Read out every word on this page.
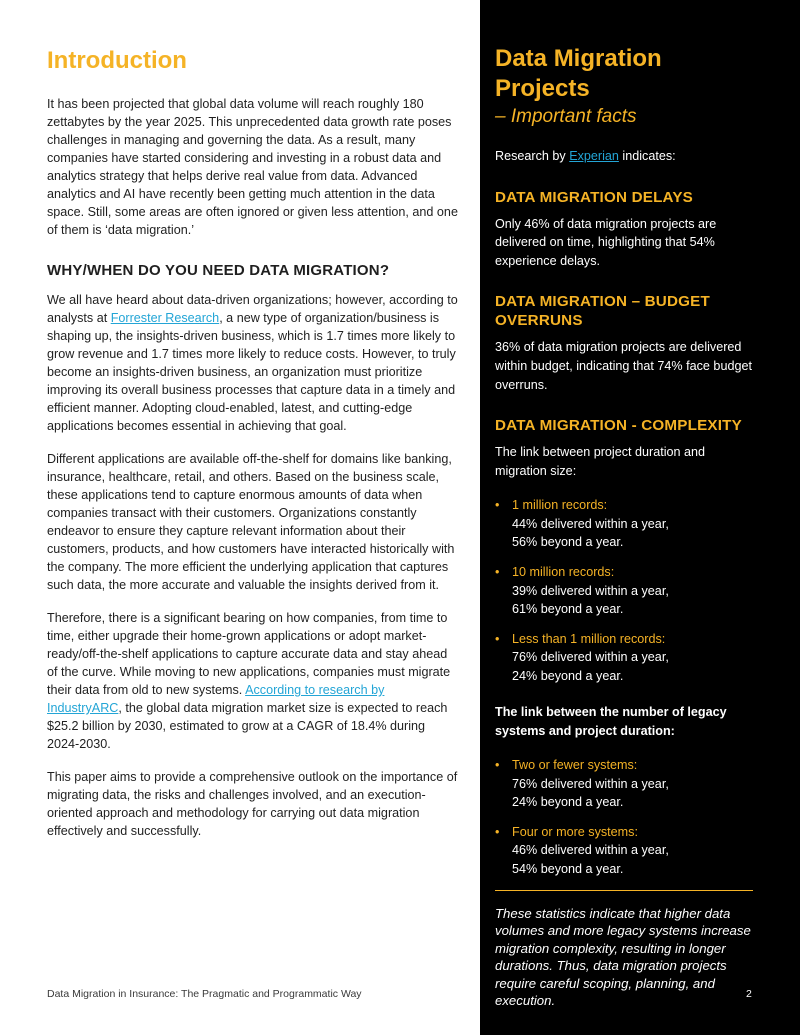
Introduction

It has been projected that global data volume will reach roughly 180 zettabytes by the year 2025. This unprecedented data growth rate poses challenges in managing and governing the data. As a result, many companies have started considering and investing in a robust data and analytics strategy that helps derive real value from data. Advanced analytics and AI have recently been getting much attention in the data space. Still, some areas are often ignored or given less attention, and one of them is ‘data migration.’

WHY/WHEN DO YOU NEED DATA MIGRATION?

We all have heard about data-driven organizations; however, according to analysts at Forrester Research, a new type of organization/business is shaping up, the insights-driven business, which is 1.7 times more likely to grow revenue and 1.7 times more likely to reduce costs. However, to truly become an insights-driven business, an organization must prioritize improving its overall business processes that capture data in a timely and efficient manner. Adopting cloud-enabled, latest, and cutting-edge applications becomes essential in achieving that goal.

Different applications are available off-the-shelf for domains like banking, insurance, healthcare, retail, and others. Based on the business scale, these applications tend to capture enormous amounts of data when companies transact with their customers. Organizations constantly endeavor to ensure they capture relevant information about their customers, products, and how customers have interacted historically with the company. The more efficient the underlying application that captures such data, the more accurate and valuable the insights derived from it.

Therefore, there is a significant bearing on how companies, from time to time, either upgrade their home-grown applications or adopt market-ready/off-the-shelf applications to capture accurate data and stay ahead of the curve. While moving to new applications, companies must migrate their data from old to new systems. According to research by IndustryARC, the global data migration market size is expected to reach $25.2 billion by 2030, estimated to grow at a CAGR of 18.4% during 2024-2030.

This paper aims to provide a comprehensive outlook on the importance of migrating data, the risks and challenges involved, and an execution-oriented approach and methodology for carrying out data migration effectively and successfully.

Data Migration Projects
– Important facts

Research by Experian indicates:

DATA MIGRATION DELAYS

Only 46% of data migration projects are delivered on time, highlighting that 54% experience delays.

DATA MIGRATION – BUDGET OVERRUNS

36% of data migration projects are delivered within budget, indicating that 74% face budget overruns.

DATA MIGRATION - COMPLEXITY

The link between project duration and migration size:

• 1 million records:
44% delivered within a year,
56% beyond a year.
• 10 million records:
39% delivered within a year,
61% beyond a year.
• Less than 1 million records:
76% delivered within a year,
24% beyond a year.

The link between the number of legacy systems and project duration:

• Two or fewer systems:
76% delivered within a year,
24% beyond a year.
• Four or more systems:
46% delivered within a year,
54% beyond a year.

These statistics indicate that higher data volumes and more legacy systems increase migration complexity, resulting in longer durations. Thus, data migration projects require careful scoping, planning, and execution.

Data Migration in Insurance: The Pragmatic and Programmatic Way	2
